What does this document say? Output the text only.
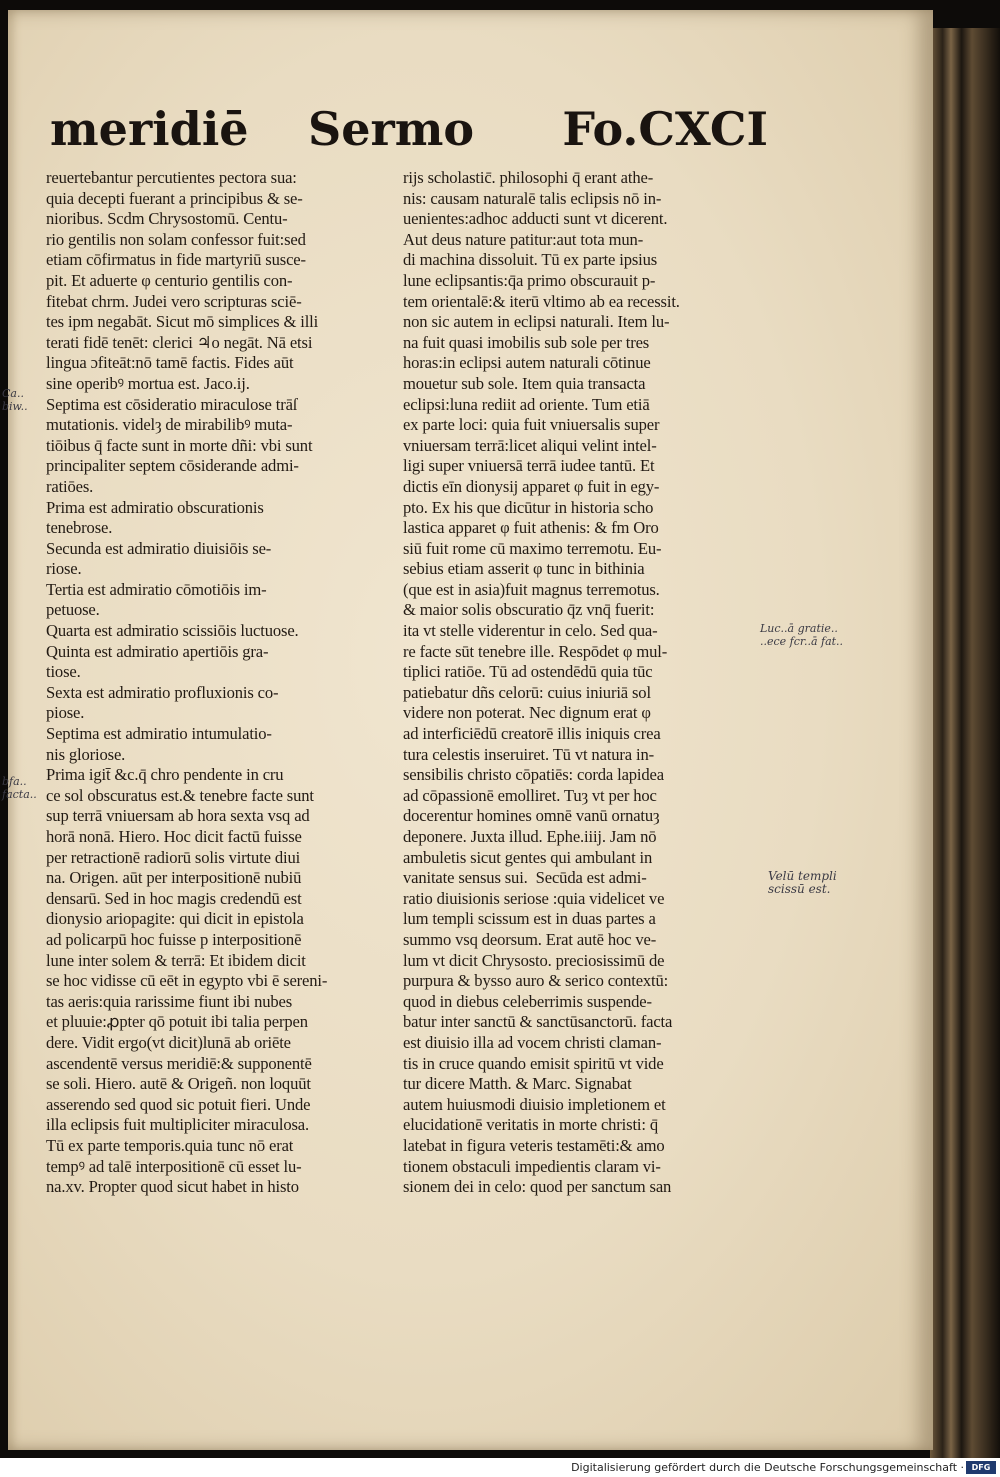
meridiē Sermo Fo.CXCI
reuertebantur percutientes pectora sua:
quia decepti fuerant a principibus & se-
nioribus. Scdm Chrysostomū. Centu-
rio gentilis non solam confessor fuit:sed
etiam cōfirmatus in fide martyriū susce-
pit. Et aduerte φ centurio gentilis con-
fitebat chrm. Judei vero scripturas sciē-
tes ipm negabāt. Sicut mō simplices & illi
terati fidē tenēt: clerici ♃o negāt. Nā etsi
lingua ɔfiteāt:nō tamē factis. Fides aūt
sine operibꝰ mortua est. Jaco.ij.
Septima est cōsideratio miraculose trāſ
mutationis. videlȝ de mirabilibꝰ muta-
tiōibus q̄ facte sunt in morte dñi: vbi sunt
principaliter septem cōsiderande admi-
ratiōes.
Prima est admiratio obscurationis
tenebrose.
Secunda est admiratio diuisiōis se-
riose.
Tertia est admiratio cōmotiōis im-
petuose.
Quarta est admiratio scissiōis luctuose.
Quinta est admiratio apertiōis gra-
tiose.
Sexta est admiratio profluxionis co-
piose.
Septima est admiratio intumulatio-
nis gloriose.
Prima igit̄ &c.q̄ chro pendente in cru
ce sol obscuratus est.& tenebre facte sunt
sup terrā vniuersam ab hora sexta vsq ad
horā nonā. Hiero. Hoc dicit factū fuisse
per retractionē radiorū solis virtute diui
na. Origen. aūt per interpositionē nubiū
densarū. Sed in hoc magis credendū est
dionysio ariopagite: qui dicit in epistola
ad policarpū hoc fuisse p interpositionē
lune inter solem & terrā: Et ibidem dicit
se hoc vidisse cū eēt in egypto vbi ē sereni-
tas aeris:quia rarissime fiunt ibi nubes
et pluuie:ꝓpter qō potuit ibi talia perpen
dere. Vidit ergo(vt dicit)lunā ab oriēte
ascendentē versus meridiē:& supponentē
se soli. Hiero. autē & Origeñ. non loquūt
asserendo sed quod sic potuit fieri. Unde
illa eclipsis fuit multipliciter miraculosa.
Tū ex parte temporis.quia tunc nō erat
tempꝰ ad talē interpositionē cū esset lu-
na.xv. Propter quod sicut habet in histo
rijs scholastic̄. philosophi q̄ erant athe-
nis: causam naturalē talis eclipsis nō in-
uenientes:adhoc adducti sunt vt dicerent.
Aut deus nature patitur:aut tota mun-
di machina dissoluit. Tū ex parte ipsius
lune eclipsantis:q̄a primo obscurauit p-
tem orientalē:& iterū vltimo ab ea recessit.
non sic autem in eclipsi naturali. Item lu-
na fuit quasi imobilis sub sole per tres
horas:in eclipsi autem naturali cōtinue
mouetur sub sole. Item quia transacta
eclipsi:luna rediit ad oriente. Tum etiā
ex parte loci: quia fuit vniuersalis super
vniuersam terrā:licet aliqui velint intel-
ligi super vniuersā terrā iudee tantū. Et
dictis eīn dionysij apparet φ fuit in egy-
pto. Ex his que dicūtur in historia scho
lastica apparet φ fuit athenis: & fm Oro
siū fuit rome cū maximo terremotu. Eu-
sebius etiam asserit φ tunc in bithinia
(que est in asia)fuit magnus terremotus.
& maior solis obscuratio q̄z vnq̄ fuerit:
ita vt stelle viderentur in celo. Sed qua-
re facte sūt tenebre ille. Respōdet φ mul-
tiplici ratiōe. Tū ad ostendēdū quia tūc
patiebatur dñs celorū: cuius iniuriā sol
videre non poterat. Nec dignum erat φ
ad interficiēdū creatorē illis iniquis crea
tura celestis inseruiret. Tū vt natura in-
sensibilis christo cōpatiēs: corda lapidea
ad cōpassionē emolliret. Tuȝ vt per hoc
docerentur homines omnē vanū ornatuȝ
deponere. Juxta illud. Ephe.iiij. Jam nō
ambuletis sicut gentes qui ambulant in
vanitate sensus sui.  Secūda est admi-
ratio diuisionis seriose :quia videlicet ve
lum templi scissum est in duas partes a
summo vsq deorsum. Erat autē hoc ve-
lum vt dicit Chrysosto. preciosissimū de
purpura & bysso auro & serico contextū:
quod in diebus celeberrimis suspende-
batur inter sanctū & sanctūsanctorū. facta
est diuisio illa ad vocem christi claman-
tis in cruce quando emisit spiritū vt vide
tur dicere Matth. & Marc. Signabat
autem huiusmodi diuisio impletionem et
elucidationē veritatis in morte christi: q̄
latebat in figura veteris testamēti:& amo
tionem obstaculi impedientis claram vi-
sionem dei in celo: quod per sanctum san
Ca..
biw..
bfa..
facta..
Luc..ā gratie..
..ece fcr..ā fat..
Velū templi
scissū est.
Digitalisierung gefördert durch die Deutsche Forschungsgemeinschaft · DFG
